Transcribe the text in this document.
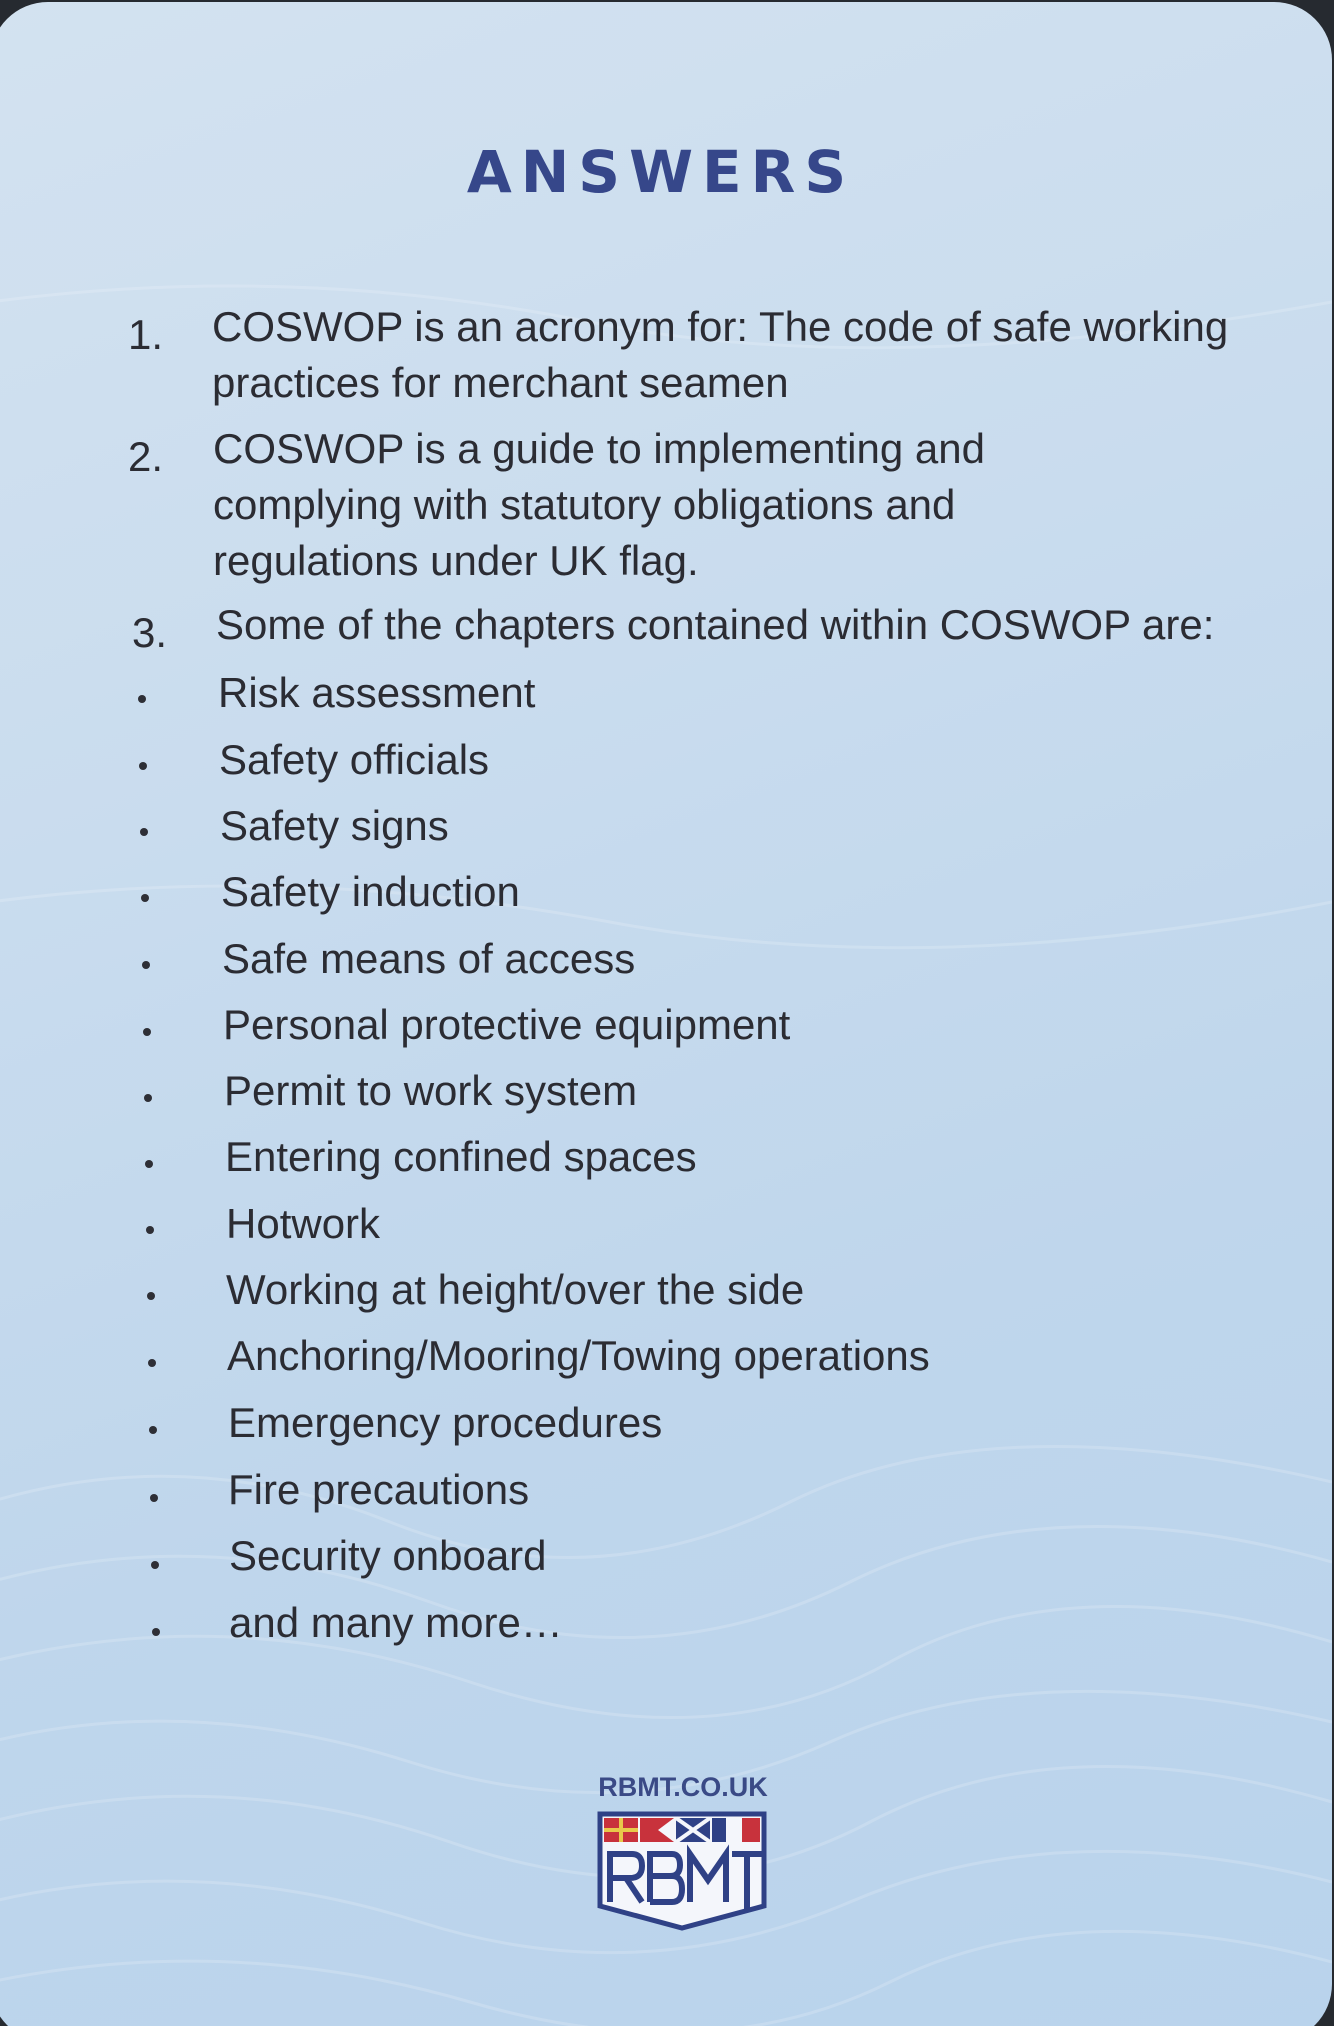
ANSWERS
1. COSWOP is an acronym for: The code of safe working
practices for merchant seamen
2. COSWOP is a guide to implementing and
complying with statutory obligations and
regulations under UK flag.
3. Some of the chapters contained within COSWOP are:
Risk assessment
Safety officials
Safety signs
Safety induction
Safe means of access
Personal protective equipment
Permit to work system
Entering confined spaces
Hotwork
Working at height/over the side
Anchoring/Mooring/Towing operations
Emergency procedures
Fire precautions
Security onboard
and many more…
RBMT.CO.UK
